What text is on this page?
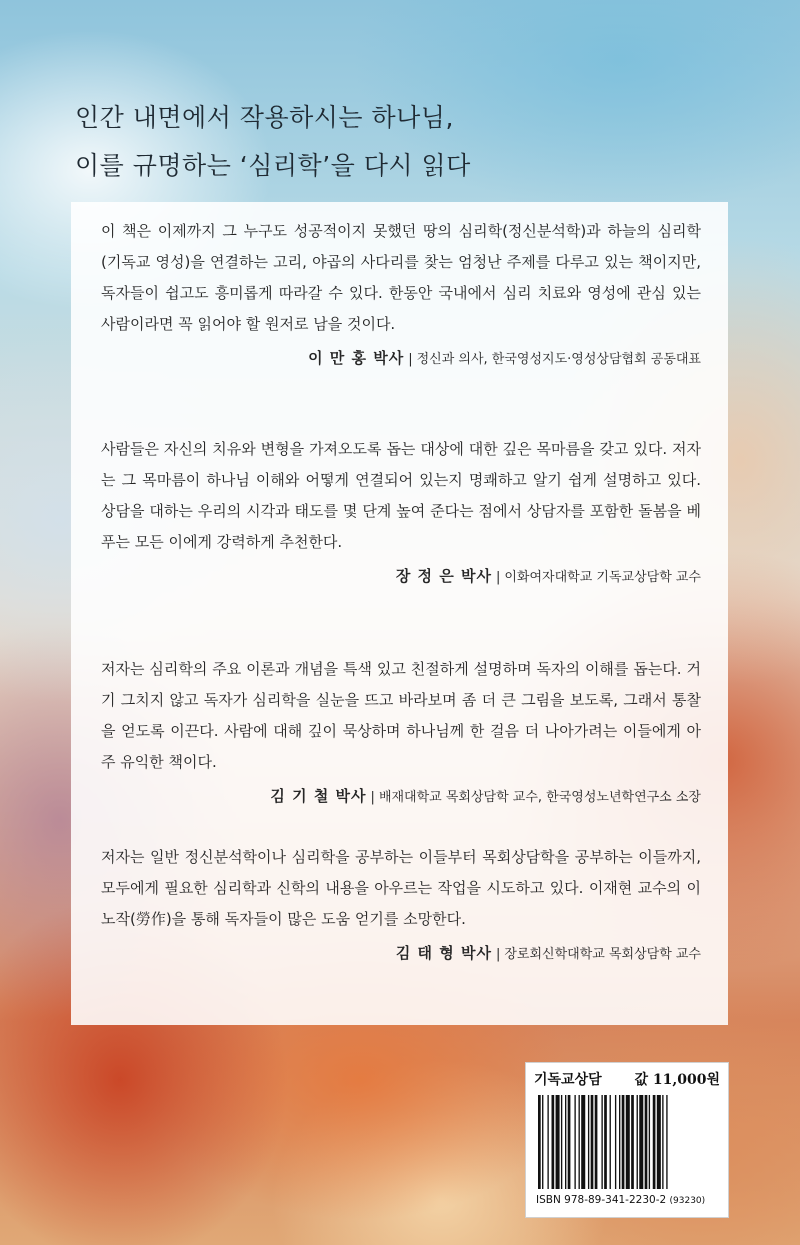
인간 내면에서 작용하시는 하나님,
이를 규명하는 ‘심리학’을 다시 읽다

이 책은 이제까지 그 누구도 성공적이지 못했던 땅의 심리학(정신분석학)과 하늘의 심리학(기독교 영성)을 연결하는 고리, 야곱의 사다리를 찾는 엄청난 주제를 다루고 있는 책이지만, 독자들이 쉽고도 흥미롭게 따라갈 수 있다. 한동안 국내에서 심리 치료와 영성에 관심 있는 사람이라면 꼭 읽어야 할 원저로 남을 것이다.

이 만 홍 박사 | 정신과 의사, 한국영성지도·영성상담협회 공동대표

사람들은 자신의 치유와 변형을 가져오도록 돕는 대상에 대한 깊은 목마름을 갖고 있다. 저자는 그 목마름이 하나님 이해와 어떻게 연결되어 있는지 명쾌하고 알기 쉽게 설명하고 있다. 상담을 대하는 우리의 시각과 태도를 몇 단계 높여 준다는 점에서 상담자를 포함한 돌봄을 베푸는 모든 이에게 강력하게 추천한다.

장 정 은 박사 | 이화여자대학교 기독교상담학 교수

저자는 심리학의 주요 이론과 개념을 특색 있고 친절하게 설명하며 독자의 이해를 돕는다. 거기 그치지 않고 독자가 심리학을 실눈을 뜨고 바라보며 좀 더 큰 그림을 보도록, 그래서 통찰을 얻도록 이끈다. 사람에 대해 깊이 묵상하며 하나님께 한 걸음 더 나아가려는 이들에게 아주 유익한 책이다.

김 기 철 박사 | 배재대학교 목회상담학 교수, 한국영성노년학연구소 소장

저자는 일반 정신분석학이나 심리학을 공부하는 이들부터 목회상담학을 공부하는 이들까지, 모두에게 필요한 심리학과 신학의 내용을 아우르는 작업을 시도하고 있다. 이재현 교수의 이 노작(勞作)을 통해 독자들이 많은 도움 얻기를 소망한다.

김 태 형 박사 | 장로회신학대학교 목회상담학 교수
기독교상담 값 11,000원
ISBN 978-89-341-2230-2 (93230)
